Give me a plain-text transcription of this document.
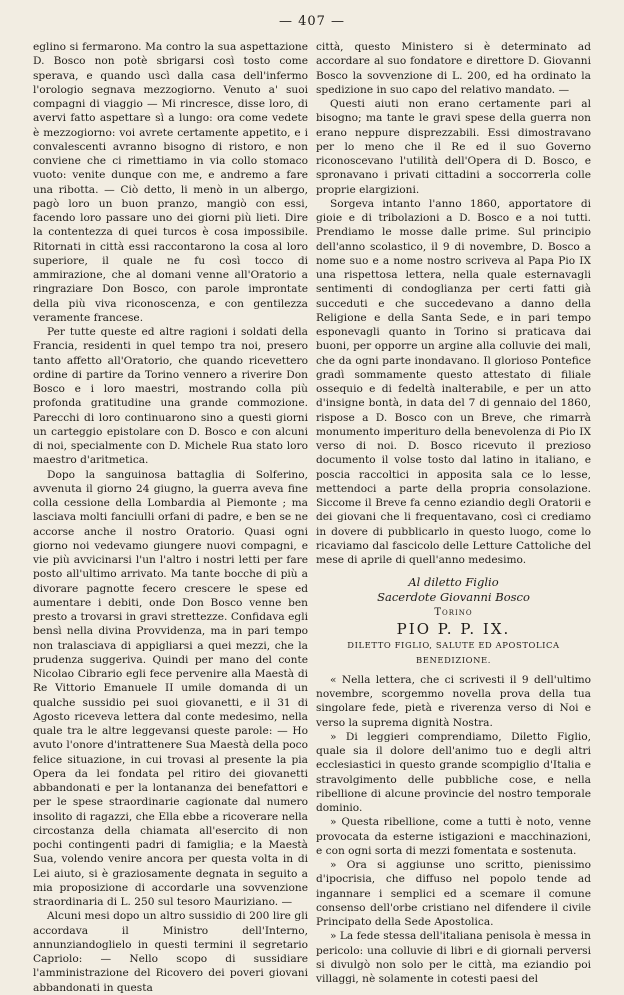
— 407 —

eglino si fermarono. Ma contro la sua aspettazione D. Bosco non potè sbrigarsi così tosto come sperava, e quando uscì dalla casa dell'infermo l'orologio segnava mezzogiorno. Venuto a' suoi compagni di viaggio — Mi rincresce, disse loro, di avervi fatto aspettare sì a lungo: ora come vedete è mezzogiorno: voi avrete certamente appetito, e i convalescenti avranno bisogno di ristoro, e non conviene che ci rimettiamo in via collo stomaco vuoto: venite dunque con me, e andremo a fare una ribotta. — Ciò detto, li menò in un albergo, pagò loro un buon pranzo, mangiò con essi, facendo loro passare uno dei giorni più lieti. Dire la contentezza di quei turcos è cosa impossibile. Ritornati in città essi raccontarono la cosa al loro superiore, il quale ne fu così tocco di ammirazione, che al domani venne all'Oratorio a ringraziare Don Bosco, con parole improntate della più viva riconoscenza, e con gentilezza veramente francese.

Per tutte queste ed altre ragioni i soldati della Francia, residenti in quel tempo tra noi, presero tanto affetto all'Oratorio, che quando ricevettero ordine di partire da Torino vennero a riverire Don Bosco e i loro maestri, mostrando colla più profonda gratitudine una grande commozione. Parecchi di loro continuarono sino a questi giorni un carteggio epistolare con D. Bosco e con alcuni di noi, specialmente con D. Michele Rua stato loro maestro d'aritmetica.

Dopo la sanguinosa battaglia di Solferino, avvenuta il giorno 24 giugno, la guerra aveva fine colla cessione della Lombardia al Piemonte ; ma lasciava molti fanciulli orfani di padre, e ben se ne accorse anche il nostro Oratorio. Quasi ogni giorno noi vedevamo giungere nuovi compagni, e vie più avvicinarsi l'un l'altro i nostri letti per fare posto all'ultimo arrivato. Ma tante bocche di più a divorare pagnotte fecero crescere le spese ed aumentare i debiti, onde Don Bosco venne ben presto a trovarsi in gravi strettezze. Confidava egli bensì nella divina Provvidenza, ma in pari tempo non tralasciava di appigliarsi a quei mezzi, che la prudenza suggeriva. Quindi per mano del conte Nicolao Cibrario egli fece pervenire alla Maestà di Re Vittorio Emanuele II umile domanda di un qualche sussidio pei suoi giovanetti, e il 31 di Agosto riceveva lettera dal conte medesimo, nella quale tra le altre leggevansi queste parole: — Ho avuto l'onore d'intrattenere Sua Maestà della poco felice situazione, in cui trovasi al presente la pia Opera da lei fondata pel ritiro dei giovanetti abbandonati e per la lontananza dei benefattori e per le spese straordinarie cagionate dal numero insolito di ragazzi, che Ella ebbe a ricoverare nella circostanza della chiamata all'esercito di non pochi contingenti padri di famiglia; e la Maestà Sua, volendo venire ancora per questa volta in di Lei aiuto, si è graziosamente degnata in seguito a mia proposizione di accordarle una sovvenzione straordinaria di L. 250 sul tesoro Mauriziano. —

Alcuni mesi dopo un altro sussidio di 200 lire gli accordava il Ministro dell'Interno, annunziandoglielo in questi termini il segretario Capriolo: — Nello scopo di sussidiare l'amministrazione del Ricovero dei poveri giovani abbandonati in questa

città, questo Ministero si è determinato ad accordare al suo fondatore e direttore D. Giovanni Bosco la sovvenzione di L. 200, ed ha ordinato la spedizione in suo capo del relativo mandato. —

Questi aiuti non erano certamente pari al bisogno; ma tante le gravi spese della guerra non erano neppure disprezzabili. Essi dimostravano per lo meno che il Re ed il suo Governo riconoscevano l'utilità dell'Opera di D. Bosco, e spronavano i privati cittadini a soccorrerla colle proprie elargizioni.

Sorgeva intanto l'anno 1860, apportatore di gioie e di tribolazioni a D. Bosco e a noi tutti. Prendiamo le mosse dalle prime. Sul principio dell'anno scolastico, il 9 di novembre, D. Bosco a nome suo e a nome nostro scriveva al Papa Pio IX una rispettosa lettera, nella quale esternavagli sentimenti di condoglianza per certi fatti già succeduti e che succedevano a danno della Religione e della Santa Sede, e in pari tempo esponevagli quanto in Torino si praticava dai buoni, per opporre un argine alla colluvie dei mali, che da ogni parte inondavano. Il glorioso Pontefice gradì sommamente questo attestato di filiale ossequio e di fedeltà inalterabile, e per un atto d'insigne bontà, in data del 7 di gennaio del 1860, rispose a D. Bosco con un Breve, che rimarrà monumento imperituro della benevolenza di Pio IX verso di noi. D. Bosco ricevuto il prezioso documento il volse tosto dal latino in italiano, e poscia raccoltici in apposita sala ce lo lesse, mettendoci a parte della propria consolazione. Siccome il Breve fa cenno eziandio degli Oratorii e dei giovani che li frequentavano, così ci crediamo in dovere di pubblicarlo in questo luogo, come lo ricaviamo dal fascicolo delle Letture Cattoliche del mese di aprile di quell'anno medesimo.

Al diletto Figlio

Sacerdote Giovanni Bosco

Torino

PIO P. P. IX.

DILETTO FIGLIO, SALUTE ED APOSTOLICA BENEDIZIONE.

« Nella lettera, che ci scrivesti il 9 dell'ultimo novembre, scorgemmo novella prova della tua singolare fede, pietà e riverenza verso di Noi e verso la suprema dignità Nostra.

» Di leggieri comprendiamo, Diletto Figlio, quale sia il dolore dell'animo tuo e degli altri ecclesiastici in questo grande scompiglio d'Italia e stravolgimento delle pubbliche cose, e nella ribellione di alcune provincie del nostro temporale dominio.

» Questa ribellione, come a tutti è noto, venne provocata da esterne istigazioni e macchinazioni, e con ogni sorta di mezzi fomentata e sostenuta.

» Ora si aggiunse uno scritto, pienissimo d'ipocrisia, che diffuso nel popolo tende ad ingannare i semplici ed a scemare il comune consenso dell'orbe cristiano nel difendere il civile Principato della Sede Apostolica.

» La fede stessa dell'italiana penisola è messa in pericolo: una colluvie di libri e di giornali perversi si divulgò non solo per le città, ma eziandio poi villaggi, nè solamente in cotesti paesi del
